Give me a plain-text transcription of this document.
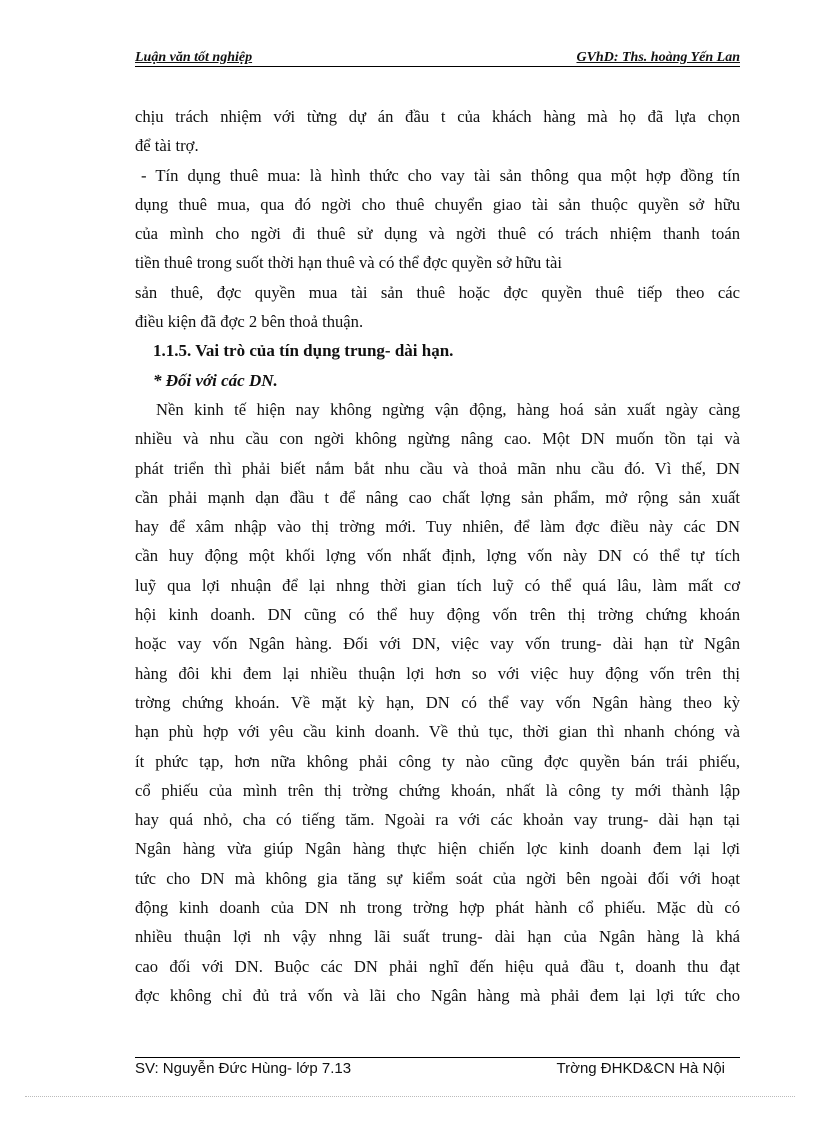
Luận văn tốt nghiệp	GVhD: Ths. hoàng Yến Lan

chịu trách nhiệm với từng dự án đầu t của khách hàng mà họ đã lựa chọn

để tài trợ.

- Tín dụng thuê mua: là hình thức cho vay tài sản thông qua một hợp đồng tín

dụng thuê mua, qua đó ngời cho thuê chuyển giao tài sản thuộc quyền sở hữu

của mình cho ngời đi thuê sử dụng và ngời thuê có trách nhiệm thanh toán

tiền thuê trong suốt thời hạn thuê và có thể đợc quyền sở hữu tài

sản thuê, đợc quyền mua tài sản thuê hoặc đợc quyền thuê tiếp theo các

điều kiện đã đợc 2 bên thoả thuận.

1.1.5. Vai trò của tín dụng trung- dài hạn.

* Đối với các DN.

Nền kinh tế hiện nay không ngừng vận động, hàng hoá sản xuất ngày càng

nhiều và nhu cầu con ngời không ngừng nâng cao. Một DN muốn tồn tại và

phát triển thì phải biết nắm bắt nhu cầu và thoả mãn nhu cầu đó. Vì thế, DN

cần phải mạnh dạn đầu t để nâng cao chất lợng sản phẩm, mở rộng sản xuất

hay để xâm nhập vào thị trờng mới. Tuy nhiên, để làm đợc điều này các DN

cần huy động một khối lợng vốn nhất định, lợng vốn này DN có thể tự tích

luỹ qua lợi nhuận để lại nhng thời gian tích luỹ có thể quá lâu, làm mất cơ

hội kinh doanh. DN cũng có thể huy động vốn trên thị trờng chứng khoán

hoặc vay vốn Ngân hàng. Đối với DN, việc vay vốn trung- dài hạn từ Ngân

hàng đôi khi đem lại nhiều thuận lợi hơn so với việc huy động vốn trên thị

trờng chứng khoán. Về mặt kỳ hạn, DN có thể vay vốn Ngân hàng theo kỳ

hạn phù hợp với yêu cầu kinh doanh. Về thủ tục, thời gian thì nhanh chóng và

ít phức tạp, hơn nữa không phải công ty nào cũng đợc quyền bán trái phiếu,

cổ phiếu của mình trên thị trờng chứng khoán, nhất là công ty mới thành lập

hay quá nhỏ, cha có tiếng tăm. Ngoài ra với các khoản vay trung- dài hạn tại

Ngân hàng vừa giúp Ngân hàng thực hiện chiến lợc kinh doanh đem lại lợi

tức cho DN mà không gia tăng sự kiểm soát của ngời bên ngoài đối với hoạt

động kinh doanh của DN nh trong trờng hợp phát hành cổ phiếu. Mặc dù có

nhiều thuận lợi nh vậy nhng lãi suất trung- dài hạn của Ngân hàng là khá

cao đối với DN. Buộc các DN phải nghĩ đến hiệu quả đầu t, doanh thu đạt

đợc không chỉ đủ trả vốn và lãi cho Ngân hàng mà phải đem lại lợi tức cho

SV: Nguyễn Đức Hùng- lớp 7.13	Trờng ĐHKD&CN Hà Nội
